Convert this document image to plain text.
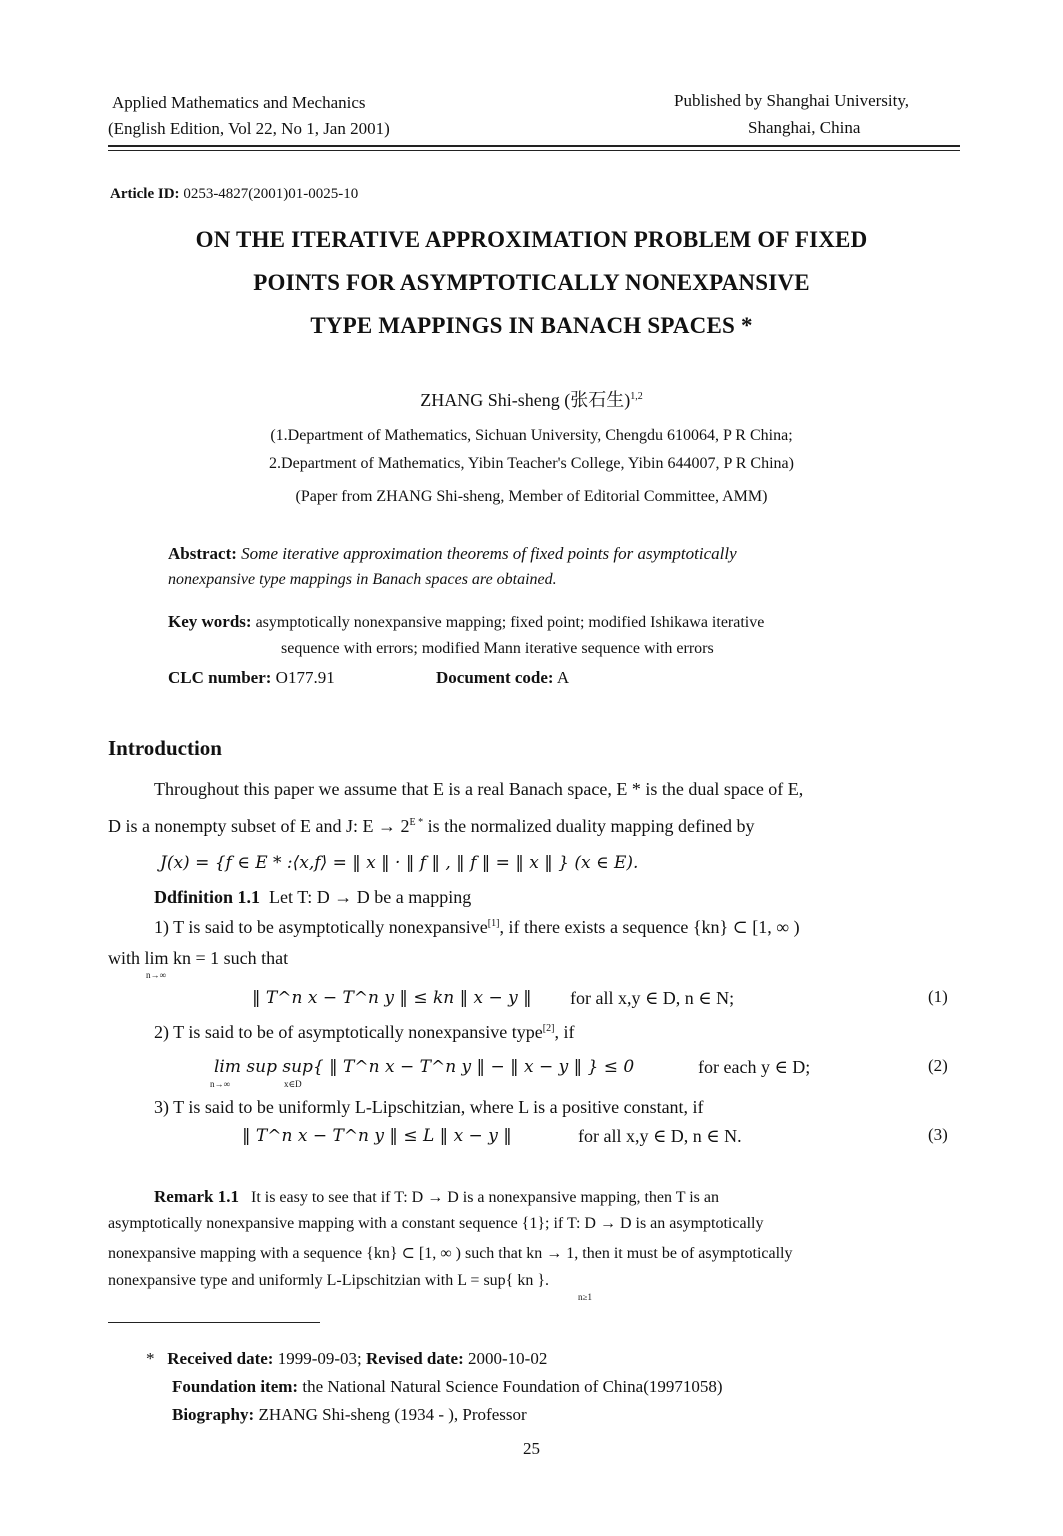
Applied Mathematics and Mechanics
(English Edition, Vol 22, No 1, Jan 2001)
Published by Shanghai University,
Shanghai, China
Article ID: 0253-4827(2001)01-0025-10
ON THE ITERATIVE APPROXIMATION PROBLEM OF FIXED
POINTS FOR ASYMPTOTICALLY NONEXPANSIVE
TYPE MAPPINGS IN BANACH SPACES *
ZHANG Shi-sheng (张石生)$^{1,2}$
(1.Department of Mathematics, Sichuan University, Chengdu 610064, P R China;
2.Department of Mathematics, Yibin Teacher's College, Yibin 644007, P R China)
(Paper from ZHANG Shi-sheng, Member of Editorial Committee, AMM)
Abstract: Some iterative approximation theorems of fixed points for asymptotically
nonexpansive type mappings in Banach spaces are obtained.
Key words: asymptotically nonexpansive mapping; fixed point; modified Ishikawa iterative
sequence with errors; modified Mann iterative sequence with errors
CLC number: O177.91	Document code: A
Introduction
Throughout this paper we assume that E is a real Banach space, E * is the dual space of E,
D is a nonempty subset of E and J: $E \to 2^{E *}$ is the normalized duality mapping defined by
J(x) = {f ∈ E * :⟨x,f⟩ = ‖ x ‖ · ‖ f ‖ , ‖ f ‖ = ‖ x ‖ } (x ∈ E).
Ddfinition 1.1 Let T: D → D be a mapping
1) T is said to be asymptotically nonexpansive[1], if there exists a sequence {kn} ⊂ [1, ∞ )
with lim kn = 1 such that
n→∞
‖ T^n x − T^n y ‖ ≤ kn ‖ x − y ‖ for all x,y ∈ D, n ∈ N;	(1)
2) T is said to be of asymptotically nonexpansive type[2], if
lim sup sup{ ‖ T^n x − T^n y ‖ − ‖ x − y ‖ } ≤ 0
n→∞	x∈D
for each y ∈ D;	(2)
3) T is said to be uniformly L-Lipschitzian, where L is a positive constant, if
‖ T^n x − T^n y ‖ ≤ L ‖ x − y ‖	for all x,y ∈ D, n ∈ N.	(3)
Remark 1.1 It is easy to see that if T: D → D is a nonexpansive mapping, then T is an
asymptotically nonexpansive mapping with a constant sequence {1}; if T: D → D is an asymptotically
nonexpansive mapping with a sequence {kn} ⊂ [1, ∞ ) such that kn → 1, then it must be of asymptotically
nonexpansive type and uniformly L-Lipschitzian with L = sup{ kn }.
n≥1
* Received date: 1999-09-03; Revised date: 2000-10-02
Foundation item: the National Natural Science Foundation of China(19971058)
Biography: ZHANG Shi-sheng (1934 - ), Professor
25
